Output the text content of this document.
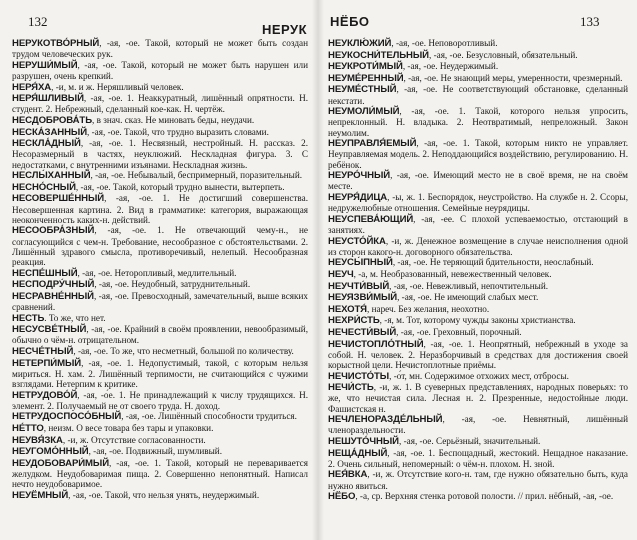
132
НЕРУК
НЕРУКОТВО́РНЫЙ, -ая, -ое. Такой, который не может быть создан трудом человеческих рук.
НЕРУШИ́МЫЙ, -ая, -ое. Такой, который не может быть нарушен или разрушен, очень крепкий.
НЕРЯ́ХА, -и, м. и ж. Неряшливый человек.
НЕРЯ́ШЛИВЫЙ, -ая, -ое. 1. Неаккуратный, лишённый опрятности. Н. студент. 2. Небрежный, сделанный кое-как. Н. чертёж.
НЕСДОБРОВА́ТЬ, в знач. сказ. Не миновать беды, неудачи.
НЕСКА́ЗАННЫЙ, -ая, -ое. Такой, что трудно выразить словами.
НЕСКЛА́ДНЫЙ, -ая, -ое. 1. Несвязный, нестройный. Н. рассказ. 2. Несоразмерный в частях, неуклюжий. Нескладная фигура. 3. С недостатками, с внутренними изъянами. Нескладная жизнь.
НЕСЛЫ́ХАННЫЙ, -ая, -ое. Небывалый, беспримерный, поразительный.
НЕСНО́СНЫЙ, -ая, -ое. Такой, который трудно вынести, вытерпеть.
НЕСОВЕРШЕ́ННЫЙ, -ая, -ое. 1. Не достигший совершенства. Несовершенная картина. 2. Вид в грамматике: категория, выражающая неоконченность каких-н. действий.
НЕСООБРА́ЗНЫЙ, -ая, -ое. 1. Не отвечающий чему-н., не согласующийся с чем-н. Требование, несообразное с обстоятельствами. 2. Лишённый здравого смысла, противоречивый, нелепый. Несообразная реакция.
НЕСПЕ́ШНЫЙ, -ая, -ое. Неторопливый, медлительный.
НЕСПОДРУ́ЧНЫЙ, -ая, -ое. Неудобный, затруднительный.
НЕСРАВНЕ́ННЫЙ, -ая, -ое. Превосходный, замечательный, выше всяких сравнений.
НЕСТЬ. То же, что нет.
НЕСУСВЕ́ТНЫЙ, -ая, -ое. Крайний в своём проявлении, невообразимый, обычно о чём-н. отрицательном.
НЕСЧЕ́ТНЫЙ, -ая, -ое. То же, что несметный, большой по количеству.
НЕТЕРПИ́МЫЙ, -ая, -ое. 1. Недопустимый, такой, с которым нельзя мириться. Н. хам. 2. Лишённый терпимости, не считающийся с чужими взглядами. Нетерпим к критике.
НЕТРУДОВО́Й, -ая, -о́е. 1. Не принадлежащий к числу трудящихся. Н. элемент. 2. Получаемый не от своего труда. Н. доход.
НЕТРУДОСПОСО́БНЫЙ, -ая, -ое. Лишённый способности трудиться.
НЕ́ТТО, неизм. О весе товара без тары и упаковки.
НЕУВЯ́ЗКА, -и, ж. Отсутствие согласованности.
НЕУГОМО́ННЫЙ, -ая, -ое. Подвижный, шумливый.
НЕУДОБОВАРИ́МЫЙ, -ая, -ое. 1. Такой, который не перевариваетcя желудком. Неудобоваримая пища. 2. Совершенно непонятный. Написал нечто неудобоваримое.
НЕУЁМНЫЙ, -ая, -ое. Такой, что нельзя унять, неудержимый.
НЁБО	133
НЕУКЛЮ́ЖИЙ, -ая, -ое. Неповоротливый.
НЕУКОСНИ́ТЕЛЬНЫЙ, -ая, -ое. Безусловный, обязательный.
НЕУКРОТИ́МЫЙ, -ая, -ое. Неудержимый.
НЕУМЕ́РЕННЫЙ, -ая, -ое. Не знающий меры, умеренности, чрезмерный.
НЕУМЕ́СТНЫЙ, -ая, -ое. Не соответствующий обстановке, сделанный некстати.
НЕУМОЛИ́МЫЙ, -ая, -ое. 1. Такой, которого нельзя упросить, непреклонный. Н. владыка. 2. Неотвратимый, непреложный. Закон неумолим.
НЕУПРАВЛЯ́ЕМЫЙ, -ая, -ое. 1. Такой, которым никто не управляет. Неуправляемая модель. 2. Неподдающийся воздействию, регулированию. Н. ребёнок.
НЕУРО́ЧНЫЙ, -ая, -ое. Имеющий место не в своё время, не на своём месте.
НЕУРЯ́ДИЦА, -ы, ж. 1. Беспорядок, неустройство. На службе н. 2. Ссоры, недружелюбные отношения. Семейные неурядицы.
НЕУСПЕВА́ЮЩИЙ, -ая, -ее. С плохой успеваемостью, отстающий в занятиях.
НЕУСТО́ЙКА, -и, ж. Денежное возмещение в случае неисполнения одной из сторон какого-н. договорного обязательства.
НЕУСЫ́ПНЫЙ, -ая, -ое. Не теряющий бдительности, неослабный.
НЕУЧ, -а, м. Необразованный, невежественный человек.
НЕУЧТИ́ВЫЙ, -ая, -ое. Невежливый, непочтительный.
НЕУЯЗВИ́МЫЙ, -ая, -ое. Не имеющий слабых мест.
НЕХОТЯ́, нареч. Без желания, неохотно.
НЕХРИ́СТЬ, -я, м. Тот, которому чужды законы христианства.
НЕЧЕСТИ́ВЫЙ, -ая, -ое. Греховный, порочный.
НЕЧИСТОПЛО́ТНЫЙ, -ая, -ое. 1. Неопрятный, небрежный в уходе за собой. Н. человек. 2. Неразборчивый в средствах для достижения своей корыстной цели. Нечистоплотные приёмы.
НЕЧИСТО́ТЫ, -о́т, мн. Содержимое отхожих мест, отбросы.
НЕЧИ́СТЬ, -и, ж. 1. В суеверных представлениях, народных поверьях: то же, что нечистая сила. Лесная н. 2. Презренные, недостойные люди. Фашистская н.
НЕЧЛЕНОРАЗДЕ́ЛЬНЫЙ, -ая, -ое. Невнятный, лишённый членораздельности.
НЕШУТО́ЧНЫЙ, -ая, -ое. Серьёзный, значительный.
НЕЩА́ДНЫЙ, -ая, -ое. 1. Беспощадный, жестокий. Нещадное наказание. 2. Очень сильный, непомерный: о чём-н. плохом. Н. зной.
НЕЯ́ВКА, -и, ж. Отсутствие кого-н. там, где нужно обязательно быть, куда нужно явиться.
НЁБО, -а, ср. Верхняя стенка ротовой полости. // прил. нёбный, -ая, -ое.
